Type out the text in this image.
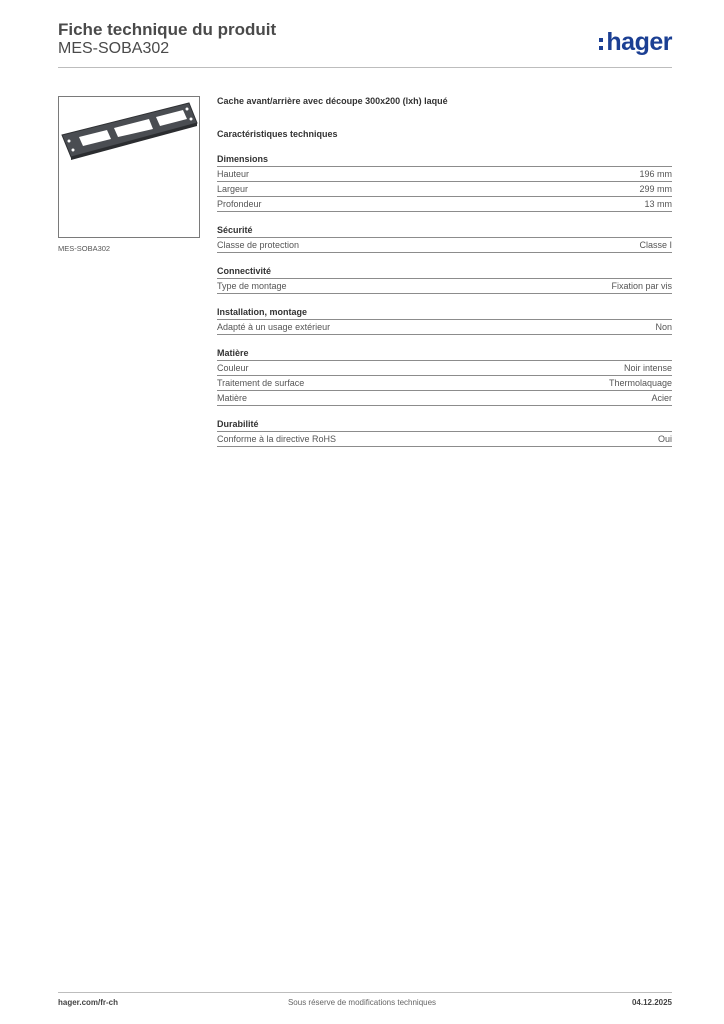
Fiche technique du produit
MES-SOBA302	hager
MES-SOBA302
Cache avant/arrière avec découpe 300x200 (lxh) laqué
Caractéristiques techniques
Dimensions
Hauteur	196 mm
Largeur	299 mm
Profondeur	13 mm
Sécurité
Classe de protection	Classe I
Connectivité
Type de montage	Fixation par vis
Installation, montage
Adapté à un usage extérieur	Non
Matière
Couleur	Noir intense
Traitement de surface	Thermolaquage
Matière	Acier
Durabilité
Conforme à la directive RoHS	Oui
Sous réserve de modifications techniques
hager.com/fr-ch	04.12.2025
